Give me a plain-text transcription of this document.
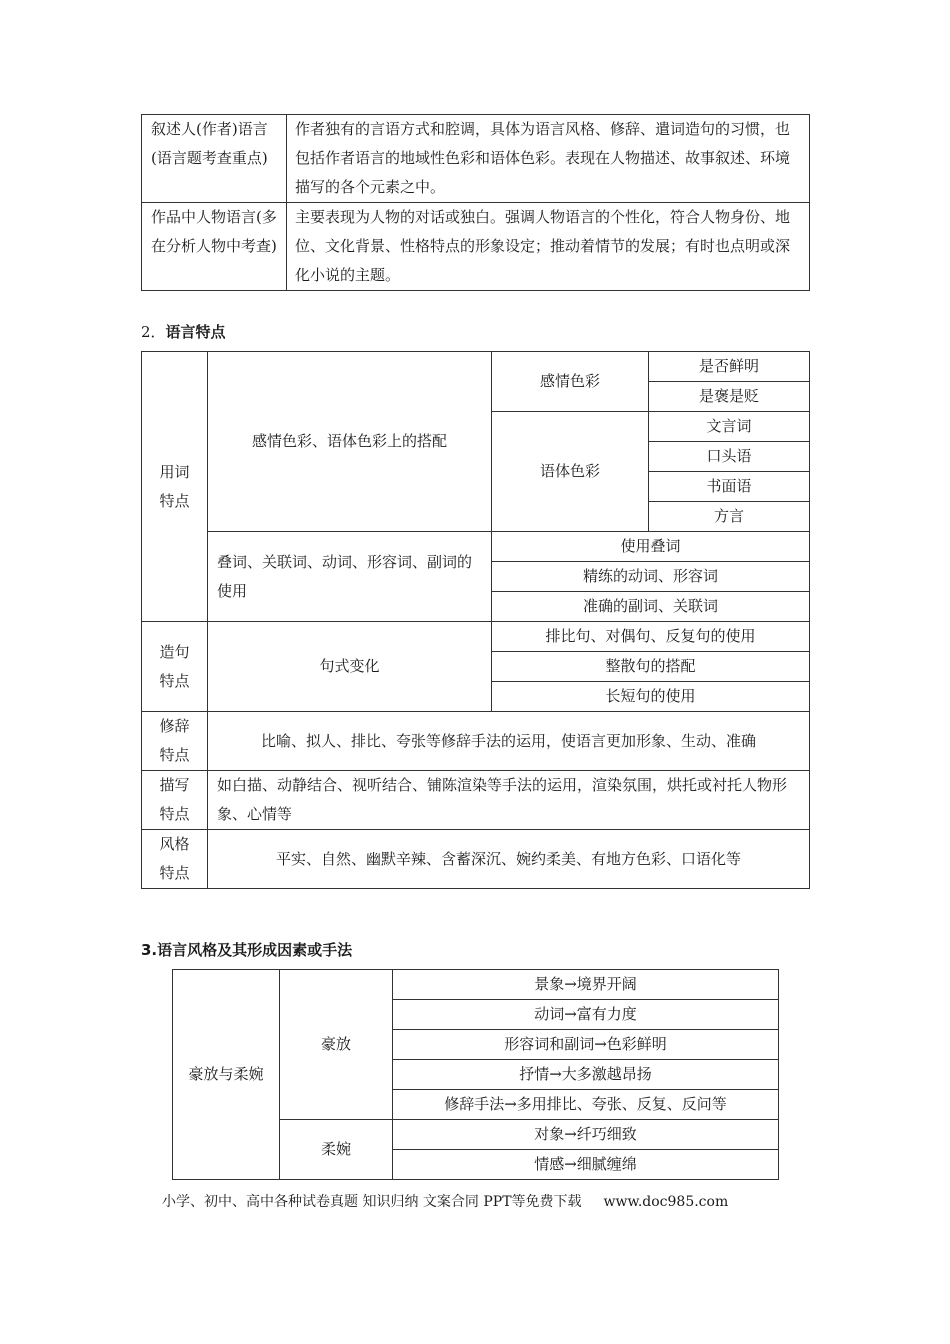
叙述人(作者)语言(语言题考查重点)	作者独有的言语方式和腔调，具体为语言风格、修辞、遣词造句的习惯，也包括作者语言的地域性色彩和语体色彩。表现在人物描述、故事叙述、环境描写的各个元素之中。
作品中人物语言(多在分析人物中考查)	主要表现为人物的对话或独白。强调人物语言的个性化，符合人物身份、地位、文化背景、性格特点的形象设定；推动着情节的发展；有时也点明或深化小说的主题。
2．语言特点
用词特点	感情色彩、语体色彩上的搭配	感情色彩	是否鲜明
			是褒是贬
		语体色彩	文言词
			口头语
			书面语
			方言
	叠词、关联词、动词、形容词、副词的使用	使用叠词	
		精练的动词、形容词	
		准确的副词、关联词	
造句特点	句式变化	排比句、对偶句、反复句的使用	
		整散句的搭配	
		长短句的使用	
修辞特点	比喻、拟人、排比、夸张等修辞手法的运用，使语言更加形象、生动、准确		
描写特点	如白描、动静结合、视听结合、铺陈渲染等手法的运用，渲染氛围，烘托或衬托人物形象、心情等		
风格特点	平实、自然、幽默辛辣、含蓄深沉、婉约柔美、有地方色彩、口语化等		
3.语言风格及其形成因素或手法
豪放与柔婉	豪放	景象→境界开阔
		动词→富有力度
		形容词和副词→色彩鲜明
		抒情→大多激越昂扬
		修辞手法→多用排比、夸张、反复、反问等
	柔婉	对象→纤巧细致
		情感→细腻缠绵
小学、初中、高中各种试卷真题 知识归纳 文案合同 PPT等免费下载 www.doc985.com
